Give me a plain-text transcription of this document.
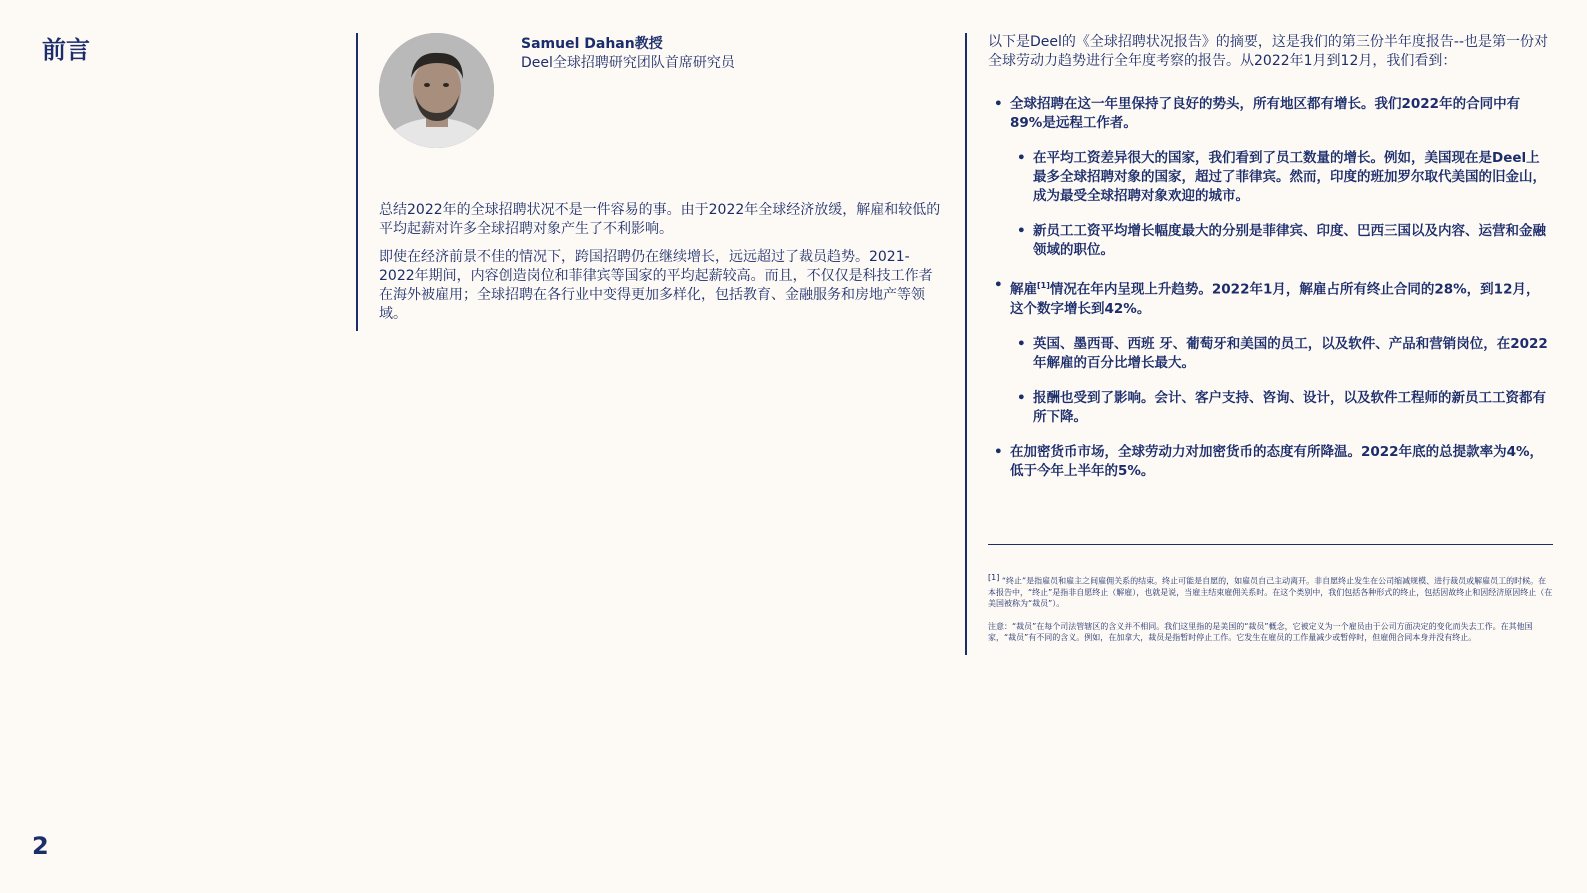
前言	Samuel Dahan教授
Deel全球招聘研究团队首席研究员

总结2022年的全球招聘状况不是一件容易的事。由于2022年全球经济放缓，解雇和较低的平均起薪对许多全球招聘对象产生了不利影响。

即使在经济前景不佳的情况下，跨国招聘仍在继续增长，远远超过了裁员趋势。2021-2022年期间，内容创造岗位和菲律宾等国家的平均起薪较高。而且，不仅仅是科技工作者在海外被雇用；全球招聘在各行业中变得更加多样化，包括教育、金融服务和房地产等领域。

以下是Deel的《全球招聘状况报告》的摘要，这是我们的第三份半年度报告--也是第一份对全球劳动力趋势进行全年度考察的报告。从2022年1月到12月，我们看到：
• 全球招聘在这一年里保持了良好的势头，所有地区都有增长。我们2022年的合同中有89%是远程工作者。
• 在平均工资差异很大的国家，我们看到了员工数量的增长。例如，美国现在是Deel上最多全球招聘对象的国家，超过了菲律宾。然而，印度的班加罗尔取代美国的旧金山，成为最受全球招聘对象欢迎的城市。
• 新员工工资平均增长幅度最大的分别是菲律宾、印度、巴西三国以及内容、运营和金融领域的职位。
• 解雇[1]情况在年内呈现上升趋势。2022年1月，解雇占所有终止合同的28%，到12月，这个数字增长到42%。
• 英国、墨西哥、西班 牙、葡萄牙和美国的员工，以及软件、产品和营销岗位，在2022年解雇的百分比增长最大。
• 报酬也受到了影响。会计、客户支持、咨询、设计，以及软件工程师的新员工工资都有所下降。
• 在加密货币市场，全球劳动力对加密货币的态度有所降温。2022年底的总提款率为4%，低于今年上半年的5%。

[1] “终止”是指雇员和雇主之间雇佣关系的结束。终止可能是自愿的，如雇员自己主动离开。非自愿终止发生在公司缩减规模、进行裁员或解雇员工的时候。在本报告中，“终止”是指非自愿终止（解雇），也就是说，当雇主结束雇佣关系时。在这个类别中，我们包括各种形式的终止，包括因故终止和因经济原因终止（在美国被称为“裁员”）。

注意：“裁员”在每个司法管辖区的含义并不相同。我们这里指的是美国的“裁员”概念，它被定义为一个雇员由于公司方面决定的变化而失去工作。在其他国家，“裁员”有不同的含义。例如，在加拿大，裁员是指暂时停止工作。它发生在雇员的工作量减少或暂停时，但雇佣合同本身并没有终止。

2
